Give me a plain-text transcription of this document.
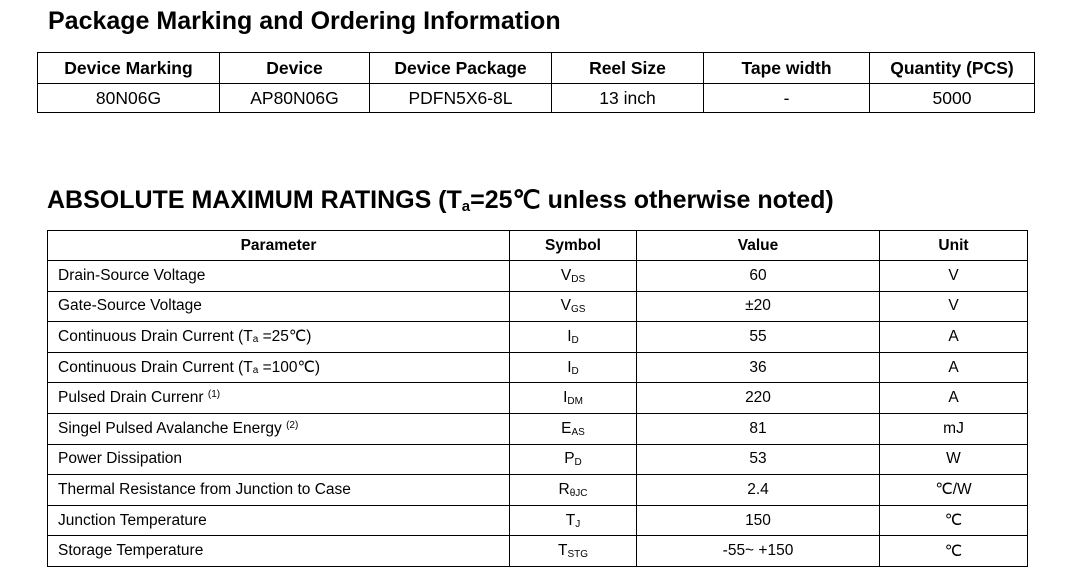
Package Marking and Ordering Information
Device Marking	Device	Device Package	Reel Size	Tape width	Quantity (PCS)
80N06G	AP80N06G	PDFN5X6-8L	13 inch	-	5000
ABSOLUTE MAXIMUM RATINGS ($T_a=25℃$ unless otherwise noted)
Parameter	Symbol	Value	Unit
Drain-Source Voltage	$V_{DS}$	60	V
Gate-Source Voltage	$V_{GS}$	±20	V
Continuous Drain Current ($T_a$ =25℃)	$I_D$	55	A
Continuous Drain Current ($T_a$ =100℃)	$I_D$	36	A
Pulsed Drain Currenr $^{(1)}$	$I_{DM}$	220	A
Singel Pulsed Avalanche Energy $^{(2)}$	$E_{AS}$	81	mJ
Power Dissipation	$P_D$	53	W
Thermal Resistance from Junction to Case	$R_{\theta JC}$	2.4	℃/W
Junction Temperature	$T_J$	150	℃
Storage Temperature	$T_{STG}$	-55~ +150	℃
